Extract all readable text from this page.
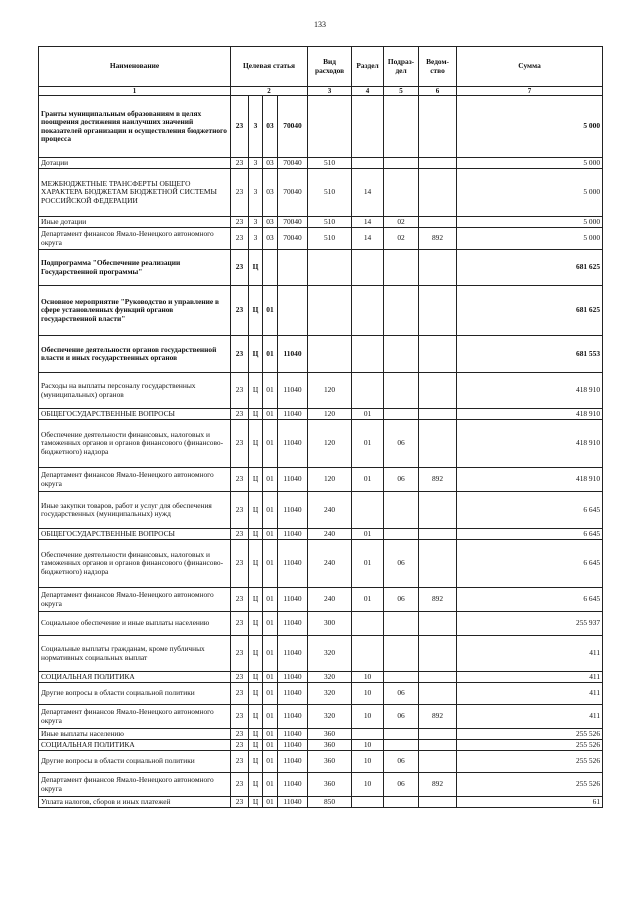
133
Наименование	Целевая статья				Вид расходов	Раздел	Подраз-дел	Ведом-ство	Сумма
1	2				3	4	5	6	7
Гранты муниципальным образованиям в целях поощрения достижения наилучших значений показателей организации и осуществления бюджетного процесса	23	3	03	70040					5 000
Дотации	23	3	03	70040	510				5 000
МЕЖБЮДЖЕТНЫЕ ТРАНСФЕРТЫ ОБЩЕГО ХАРАКТЕРА БЮДЖЕТАМ БЮДЖЕТНОЙ СИСТЕМЫ РОССИЙСКОЙ ФЕДЕРАЦИИ	23	3	03	70040	510	14			5 000
Иные дотации	23	3	03	70040	510	14	02		5 000
Департамент финансов Ямало-Ненецкого автономного округа	23	3	03	70040	510	14	02	892	5 000
Подпрограмма "Обеспечение реализации Государственной программы"	23	Ц							681 625
Основное мероприятие "Руководство и управление в сфере установленных функций органов государственной власти"	23	Ц	01						681 625
Обеспечение деятельности органов государственной власти и иных государственных органов	23	Ц	01	11040					681 553
Расходы на выплаты персоналу государственных (муниципальных) органов	23	Ц	01	11040	120				418 910
ОБЩЕГОСУДАРСТВЕННЫЕ ВОПРОСЫ	23	Ц	01	11040	120	01			418 910
Обеспечение деятельности финансовых, налоговых и таможенных органов и органов финансового (финансово-бюджетного) надзора	23	Ц	01	11040	120	01	06		418 910
Департамент финансов Ямало-Ненецкого автономного округа	23	Ц	01	11040	120	01	06	892	418 910
Иные закупки товаров, работ и услуг для обеспечения государственных (муниципальных) нужд	23	Ц	01	11040	240				6 645
ОБЩЕГОСУДАРСТВЕННЫЕ ВОПРОСЫ	23	Ц	01	11040	240	01			6 645
Обеспечение деятельности финансовых, налоговых и таможенных органов и органов финансового (финансово-бюджетного) надзора	23	Ц	01	11040	240	01	06		6 645
Департамент финансов Ямало-Ненецкого автономного округа	23	Ц	01	11040	240	01	06	892	6 645
Социальное обеспечение и иные выплаты населению	23	Ц	01	11040	300				255 937
Социальные выплаты гражданам, кроме публичных нормативных социальных выплат	23	Ц	01	11040	320				411
СОЦИАЛЬНАЯ ПОЛИТИКА	23	Ц	01	11040	320	10			411
Другие вопросы в области социальной политики	23	Ц	01	11040	320	10	06		411
Департамент финансов Ямало-Ненецкого автономного округа	23	Ц	01	11040	320	10	06	892	411
Иные выплаты населению	23	Ц	01	11040	360				255 526
СОЦИАЛЬНАЯ ПОЛИТИКА	23	Ц	01	11040	360	10			255 526
Другие вопросы в области социальной политики	23	Ц	01	11040	360	10	06		255 526
Департамент финансов Ямало-Ненецкого автономного округа	23	Ц	01	11040	360	10	06	892	255 526
Уплата налогов, сборов и иных платежей	23	Ц	01	11040	850				61
